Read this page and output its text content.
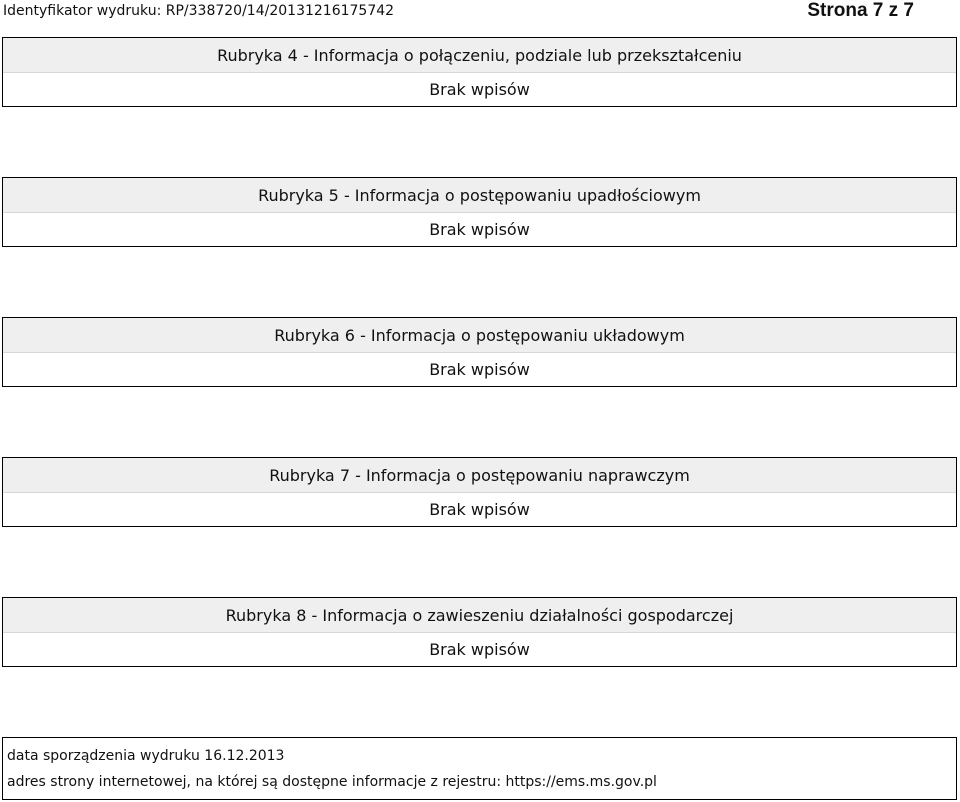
Identyfikator wydruku: RP/338720/14/20131216175742	Strona 7 z 7
Rubryka 4 - Informacja o połączeniu, podziale lub przekształceniu
Brak wpisów
Rubryka 5 - Informacja o postępowaniu upadłościowym
Brak wpisów
Rubryka 6 - Informacja o postępowaniu układowym
Brak wpisów
Rubryka 7 - Informacja o postępowaniu naprawczym
Brak wpisów
Rubryka 8 - Informacja o zawieszeniu działalności gospodarczej
Brak wpisów
data sporządzenia wydruku 16.12.2013
adres strony internetowej, na której są dostępne informacje z rejestru: https://ems.ms.gov.pl
